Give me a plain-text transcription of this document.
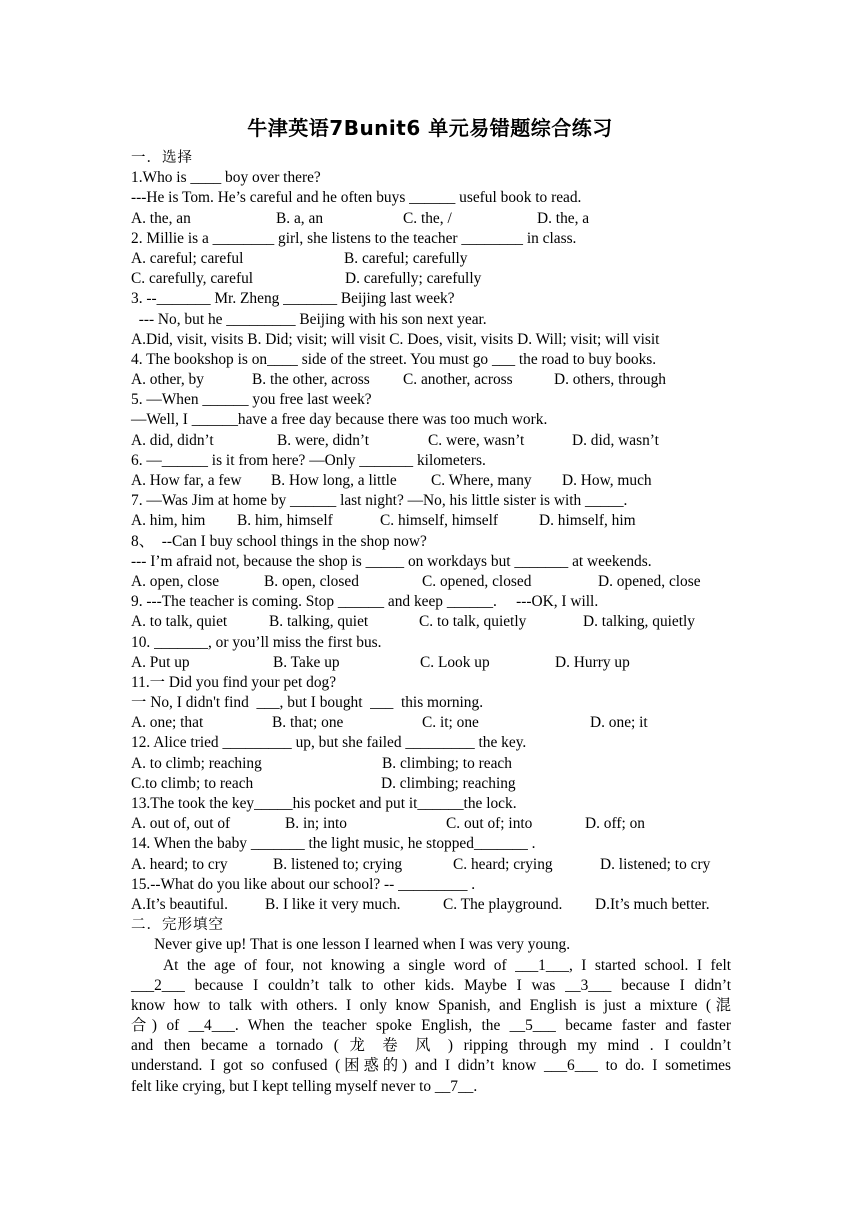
牛津英语7Bunit6 单元易错题综合练习
一．选择
1.Who is ____ boy over there?
---He is Tom. He’s careful and he often buys ______ useful book to read.

A. the, an

	B. a, an

	C. the, /

	D. the, a

2. Millie is a ________ girl, she listens to the teacher ________ in class.

A. careful; careful

	B. careful; carefully

C. carefully, careful

	D. carefully; carefully

3. --_______ Mr. Zheng _______ Beijing last week?
--- No, but he _________ Beijing with his son next year.
A.Did, visit, visits B. Did; visit; will visit C. Does, visit, visits D. Will; visit; will visit
4. The bookshop is on____ side of the street. You must go ___ the road to buy books.

A. other, by

	B. the other, across

C. another, across

	D. others, through

5. —When ______ you free last week?
—Well, I ______have a free day because there was too much work.

A. did, didn’t

	B. were, didn’t

	C. were, wasn’t

	D. did, wasn’t

6. —______ is it from here? —Only _______ kilometers.

A. How far, a few

B. How long, a little

C. Where, many

D. How, much

7. —Was Jim at home by ______ last night? —No, his little sister is with _____.

A. him, him

B. him, himself

	C. himself, himself

	D. himself, him

8、  --Can I buy school things in the shop now?
--- I’m afraid not, because the shop is _____ on workdays but _______ at weekends.

A. open, close

	B. open, closed

	C. opened, closed

	D. opened, close

9. ---The teacher is coming. Stop ______ and keep ______.     ---OK, I will.

A. to talk, quiet

	B. talking, quiet

	C. to talk, quietly

	D. talking, quietly

10. _______, or you’ll miss the first bus.

A. Put up

	B. Take up

	C. Look up

	D. Hurry up

11.一 Did you find your pet dog?
一 No, I didn't find  ___, but I bought  ___  this morning.

A. one; that

	B. that; one

	C. it; one

	D. one; it

12. Alice tried _________ up, but she failed _________ the key.

A. to climb; reaching

	B. climbing; to reach

C.to climb; to reach

	D. climbing; reaching

13.The took the key_____his pocket and put it______the lock.

A. out of, out of

	B. in; into

	C. out of; into

	D. off; on

14. When the baby _______ the light music, he stopped_______ .

A. heard; to cry

	B. listened to; crying

	C. heard; crying

	D. listened; to cry

15.--What do you like about our school? -- _________ .

A.It’s beautiful.

B. I like it very much.

	C. The playground.

D.It’s much better.

二．完形填空
Never give up! That is one lesson I learned when I was very young.
At the age of four, not knowing a single word of ___1___, I started school. I felt
___2___ because I couldn’t talk to other kids. Maybe I was __3___ because I didn’t
know how to talk with others. I only know Spanish, and English is just a mixture (混
合) of __4___. When the teacher spoke English, the __5___ became faster and faster
and then became a tornado ( 龙 卷 风 ) ripping through my mind . I couldn’t
understand. I got so confused (困惑的) and I didn’t know ___6___ to do. I sometimes
felt like crying, but I kept telling myself never to __7__.
